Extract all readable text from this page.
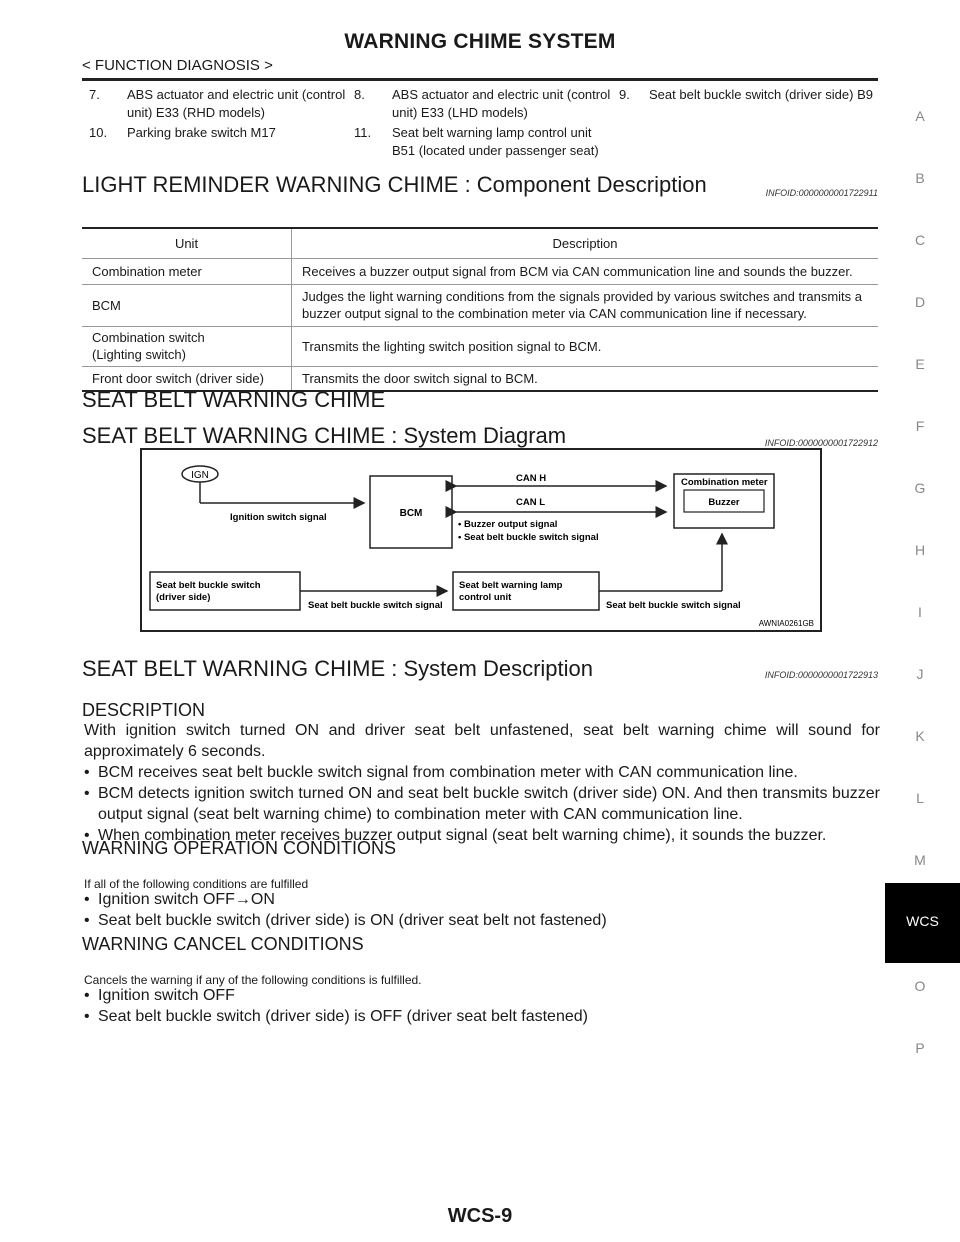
WARNING CHIME SYSTEM
< FUNCTION DIAGNOSIS >
A
B
C
D
E
F
G
H
I
J
K
L
M
WCS
O
P
7. ABS actuator and electric unit (control unit) E33 (RHD models)
8. ABS actuator and electric unit (control unit) E33 (LHD models)
9. Seat belt buckle switch (driver side) B9
10. Parking brake switch M17	11. Seat belt warning lamp control unit B51 (located under passenger seat)
LIGHT REMINDER WARNING CHIME : Component Description	INFOID:0000000001722911
Unit	Description
Combination meter	Receives a buzzer output signal from BCM via CAN communication line and sounds the buzzer.
BCM	Judges the light warning conditions from the signals provided by various switches and transmits a buzzer output signal to the combination meter via CAN communication line if necessary.
Combination switch
(Lighting switch)	Transmits the lighting switch position signal to BCM.
Front door switch (driver side)	Transmits the door switch signal to BCM.
SEAT BELT WARNING CHIME
SEAT BELT WARNING CHIME : System Diagram	INFOID:0000000001722912
IGN
Ignition switch signal	BCM
CAN H
CAN L
• Buzzer output signal
• Seat belt buckle switch signal
Combination meter
Buzzer
Seat belt buckle switch
(driver side)
Seat belt buckle switch signal
Seat belt warning lamp
control unit
Seat belt buckle switch signal
AWNIA0261GB
SEAT BELT WARNING CHIME : System Description	INFOID:0000000001722913
DESCRIPTION
With ignition switch turned ON and driver seat belt unfastened, seat belt warning chime will sound for approximately 6 seconds.
• BCM receives seat belt buckle switch signal from combination meter with CAN communication line.
• BCM detects ignition switch turned ON and seat belt buckle switch (driver side) ON. And then transmits buzzer output signal (seat belt warning chime) to combination meter with CAN communication line.
• When combination meter receives buzzer output signal (seat belt warning chime), it sounds the buzzer.
WARNING OPERATION CONDITIONS
If all of the following conditions are fulfilled
• Ignition switch OFF→ON
• Seat belt buckle switch (driver side) is ON (driver seat belt not fastened)
WARNING CANCEL CONDITIONS
Cancels the warning if any of the following conditions is fulfilled.
• Ignition switch OFF
• Seat belt buckle switch (driver side) is OFF (driver seat belt fastened)
WCS-9
